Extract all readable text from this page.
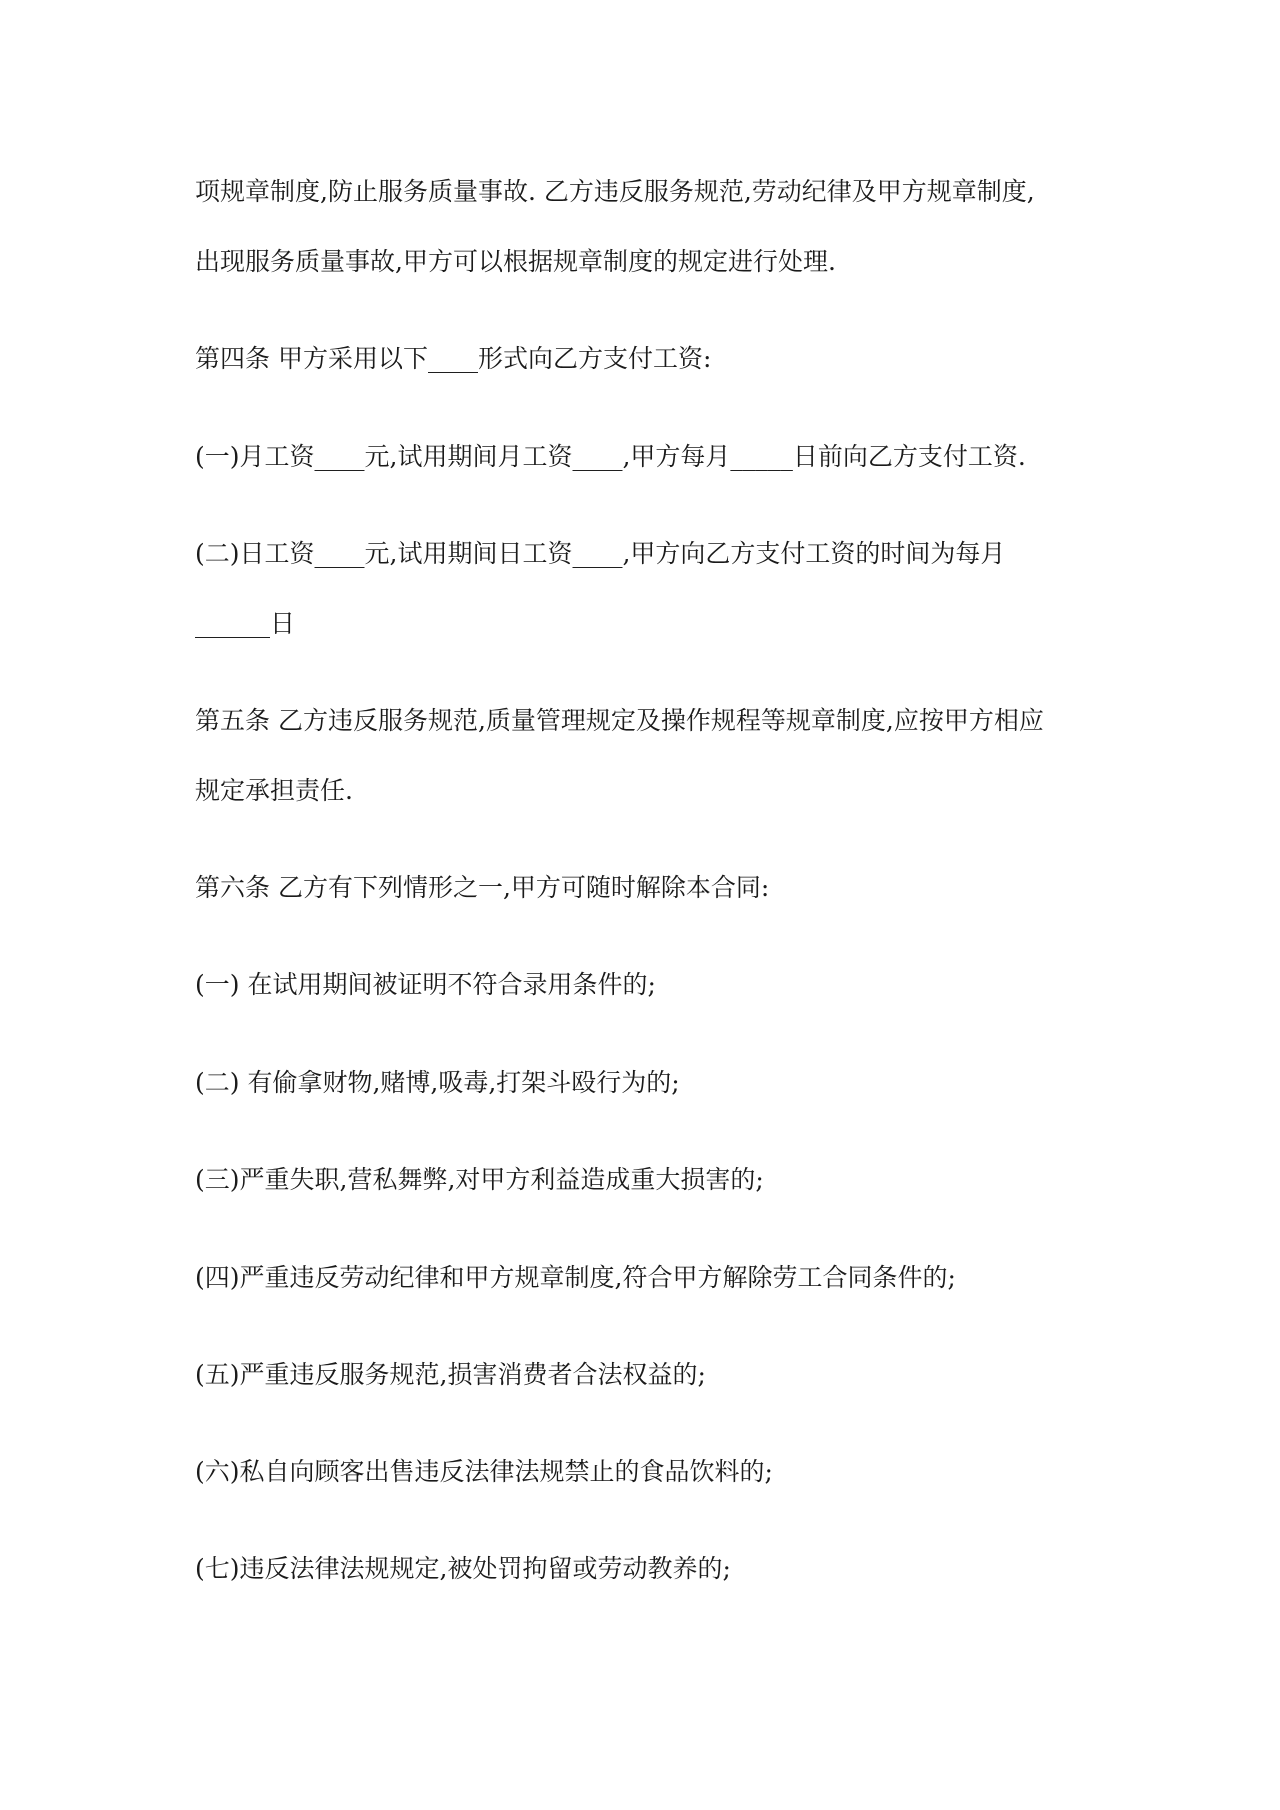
项规章制度,防止服务质量事故. 乙方违反服务规范,劳动纪律及甲方规章制度,

出现服务质量事故,甲方可以根据规章制度的规定进行处理.

第四条 甲方采用以下____形式向乙方支付工资:

(一)月工资____元,试用期间月工资____,甲方每月_____日前向乙方支付工资.

(二)日工资____元,试用期间日工资____,甲方向乙方支付工资的时间为每月

______日

第五条 乙方违反服务规范,质量管理规定及操作规程等规章制度,应按甲方相应

规定承担责任.

第六条 乙方有下列情形之一,甲方可随时解除本合同:

(一) 在试用期间被证明不符合录用条件的;

(二) 有偷拿财物,赌博,吸毒,打架斗殴行为的;

(三)严重失职,营私舞弊,对甲方利益造成重大损害的;

(四)严重违反劳动纪律和甲方规章制度,符合甲方解除劳工合同条件的;

(五)严重违反服务规范,损害消费者合法权益的;

(六)私自向顾客出售违反法律法规禁止的食品饮料的;

(七)违反法律法规规定,被处罚拘留或劳动教养的;
